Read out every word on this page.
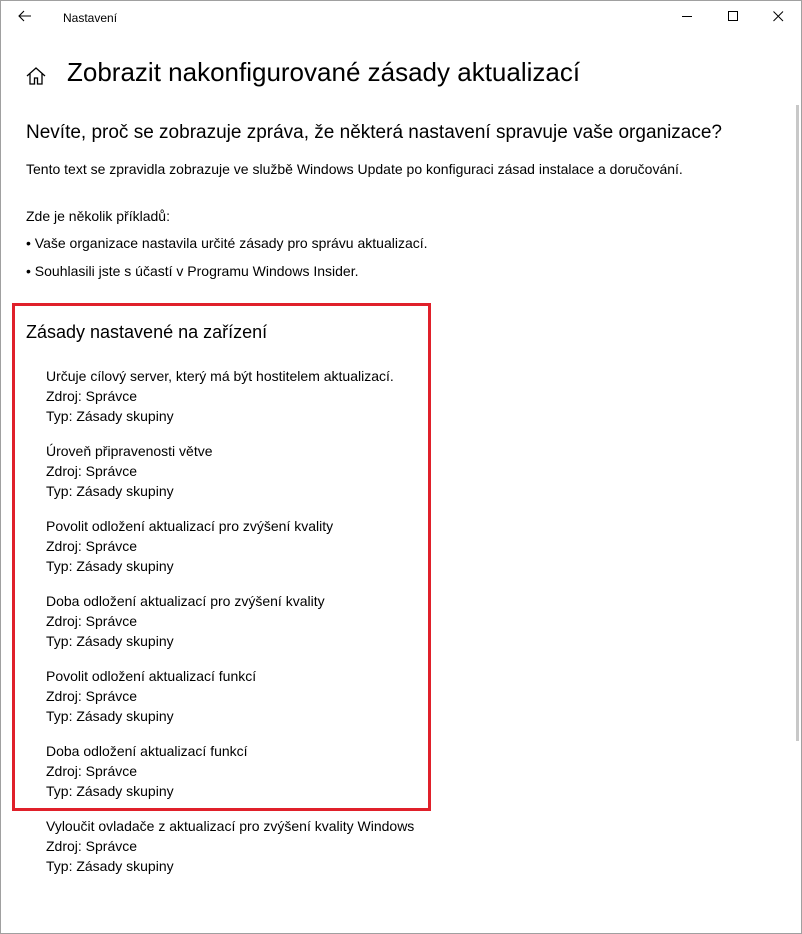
Nastavení
Zobrazit nakonfigurované zásady aktualizací
Nevíte, proč se zobrazuje zpráva, že některá nastavení spravuje vaše organizace?

Tento text se zpravidla zobrazuje ve službě Windows Update po konfiguraci zásad instalace a doručování.

Zde je několik příkladů:

• Vaše organizace nastavila určité zásady pro správu aktualizací.

• Souhlasili jste s účastí v Programu Windows Insider.

Zásady nastavené na zařízení
Určuje cílový server, který má být hostitelem aktualizací.
Zdroj: Správce
Typ: Zásady skupiny
Úroveň připravenosti větve
Zdroj: Správce
Typ: Zásady skupiny
Povolit odložení aktualizací pro zvýšení kvality
Zdroj: Správce
Typ: Zásady skupiny
Doba odložení aktualizací pro zvýšení kvality
Zdroj: Správce
Typ: Zásady skupiny
Povolit odložení aktualizací funkcí
Zdroj: Správce
Typ: Zásady skupiny
Doba odložení aktualizací funkcí
Zdroj: Správce
Typ: Zásady skupiny
Vyloučit ovladače z aktualizací pro zvýšení kvality Windows
Zdroj: Správce
Typ: Zásady skupiny
